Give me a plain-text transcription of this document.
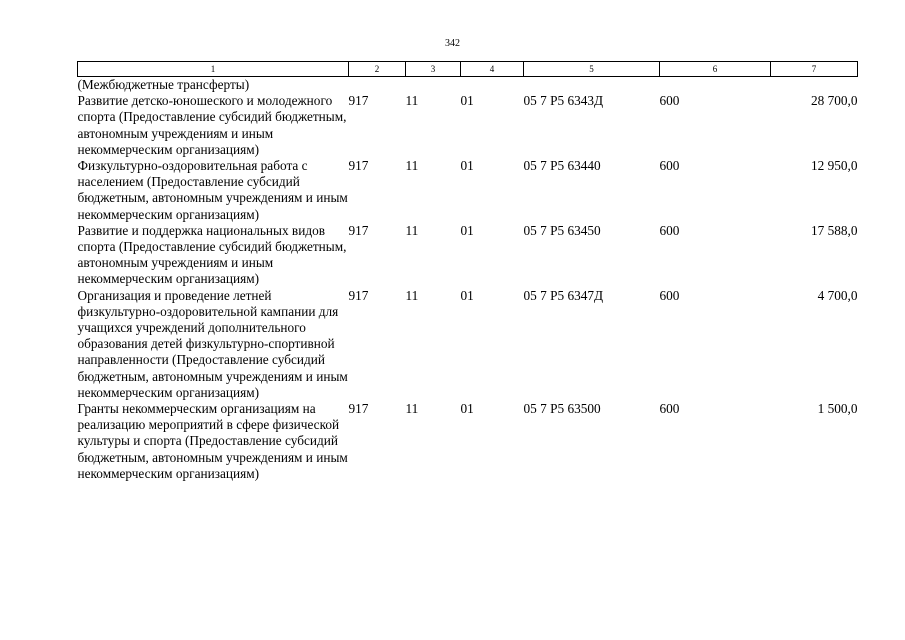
342
1	2	3	4	5	6	7
(Межбюджетные трансферты)						
Развитие детско-юношеского и молодежного спорта (Предоставление субсидий бюджетным, автономным учреждениям и иным некоммерческим организациям)	917	11	01	05 7 Р5 6343Д	600	28 700,0
Физкультурно-оздоровительная работа с населением (Предоставление субсидий бюджетным, автономным учреждениям и иным некоммерческим организациям)	917	11	01	05 7 Р5 63440	600	12 950,0
Развитие и поддержка национальных видов спорта (Предоставление субсидий бюджетным, автономным учреждениям и иным некоммерческим организациям)	917	11	01	05 7 Р5 63450	600	17 588,0
Организация и проведение летней физкультурно-оздоровительной кампании для учащихся учреждений дополнительного образования детей физкультурно-спортивной направленности (Предоставление субсидий бюджетным, автономным учреждениям и иным некоммерческим организациям)	917	11	01	05 7 Р5 6347Д	600	4 700,0
Гранты некоммерческим организациям на реализацию мероприятий в сфере физической культуры и спорта (Предоставление субсидий бюджетным, автономным учреждениям и иным некоммерческим организациям)	917	11	01	05 7 Р5 63500	600	1 500,0
